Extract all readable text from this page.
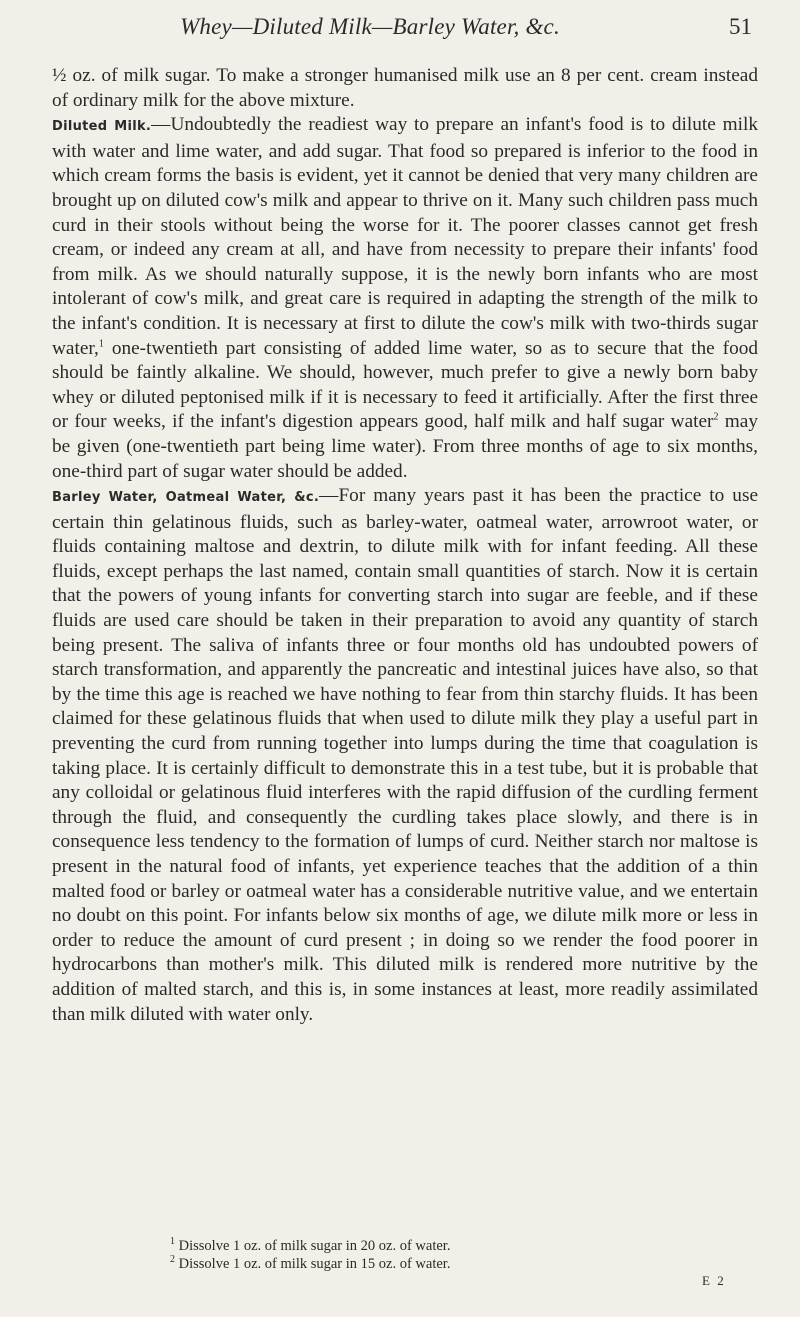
Whey—Diluted Milk—Barley Water, &c.	51

½ oz. of milk sugar. To make a stronger humanised milk use an 8 per cent. cream instead of ordinary milk for the above mixture.

Diluted Milk.—Undoubtedly the readiest way to prepare an infant's food is to dilute milk with water and lime water, and add sugar. That food so prepared is inferior to the food in which cream forms the basis is evident, yet it cannot be denied that very many children are brought up on diluted cow's milk and appear to thrive on it. Many such children pass much curd in their stools without being the worse for it. The poorer classes cannot get fresh cream, or indeed any cream at all, and have from necessity to prepare their infants' food from milk. As we should naturally suppose, it is the newly born infants who are most intolerant of cow's milk, and great care is required in adapting the strength of the milk to the infant's condition. It is necessary at first to dilute the cow's milk with two-thirds sugar water,$^1$ one-twentieth part consisting of added lime water, so as to secure that the food should be faintly alkaline. We should, however, much prefer to give a newly born baby whey or diluted peptonised milk if it is necessary to feed it artificially. After the first three or four weeks, if the infant's digestion appears good, half milk and half sugar water$^2$ may be given (one-twentieth part being lime water). From three months of age to six months, one-third part of sugar water should be added.

Barley Water, Oatmeal Water, &c.—For many years past it has been the practice to use certain thin gelatinous fluids, such as barley-water, oatmeal water, arrowroot water, or fluids containing maltose and dextrin, to dilute milk with for infant feeding. All these fluids, except perhaps the last named, contain small quantities of starch. Now it is certain that the powers of young infants for converting starch into sugar are feeble, and if these fluids are used care should be taken in their preparation to avoid any quantity of starch being present. The saliva of infants three or four months old has undoubted powers of starch transformation, and apparently the pancreatic and intestinal juices have also, so that by the time this age is reached we have nothing to fear from thin starchy fluids. It has been claimed for these gelatinous fluids that when used to dilute milk they play a useful part in preventing the curd from running together into lumps during the time that coagulation is taking place. It is certainly difficult to demonstrate this in a test tube, but it is probable that any colloidal or gelatinous fluid interferes with the rapid diffusion of the curdling ferment through the fluid, and consequently the curdling takes place slowly, and there is in consequence less tendency to the formation of lumps of curd. Neither starch nor maltose is present in the natural food of infants, yet experience teaches that the addition of a thin malted food or barley or oatmeal water has a considerable nutritive value, and we entertain no doubt on this point. For infants below six months of age, we dilute milk more or less in order to reduce the amount of curd present ; in doing so we render the food poorer in hydrocarbons than mother's milk. This diluted milk is rendered more nutritive by the addition of malted starch, and this is, in some instances at least, more readily assimilated than milk diluted with water only.

$^1$ Dissolve 1 oz. of milk sugar in 20 oz. of water.

$^2$ Dissolve 1 oz. of milk sugar in 15 oz. of water.

E 2
